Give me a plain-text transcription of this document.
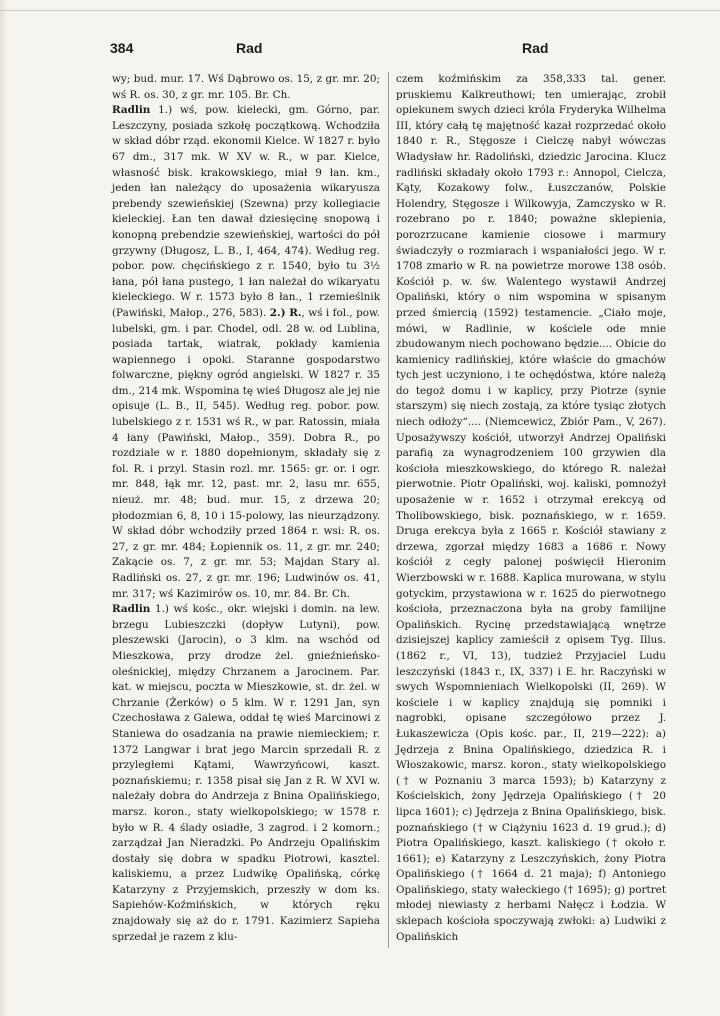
384	Rad	Rad

wy; bud. mur. 17. Wś Dąbrowo os. 15, z gr. mr. 20; wś R. os. 30, z gr. mr. 105. Br. Ch.

Radlin 1.) wś, pow. kielecki, gm. Górno, par. Leszczyny, posiada szkołę początkową. Wchodziła w skład dóbr rząd. ekonomii Kielce. W 1827 r. było 67 dm., 317 mk. W XV w. R., w par. Kielce, własność bisk. krakowskiego, miał 9 łan. km., jeden łan należący do uposażenia wikaryusza prebendy szewieńskiej (Szewna) przy kollegiacie kieleckiej. Łan ten dawał dziesięcinę snopową i konopną prebendzie szewieńskiej, wartości do pół grzywny (Długosz, L. B., I, 464, 474). Według reg. pobor. pow. chęcińskiego z r. 1540, było tu 3½ łana, pół łana pustego, 1 łan należał do wikaryatu kieleckiego. W r. 1573 było 8 łan., 1 rzemieślnik (Pawiński, Małop., 276, 583). 2.) R., wś i fol., pow. lubelski, gm. i par. Chodel, odl. 28 w. od Lublina, posiada tartak, wiatrak, pokłady kamienia wapiennego i opoki. Staranne gospodarstwo folwarczne, piękny ogród angielski. W 1827 r. 35 dm., 214 mk. Wspomina tę wieś Długosz ale jej nie opisuje (L. B., II, 545). Według reg. pobor. pow. lubelskiego z r. 1531 wś R., w par. Ratossin, miała 4 łany (Pawiński, Małop., 359). Dobra R., po rozdziale w r. 1880 dopełnionym, składały się z fol. R. i przyl. Stasin rozl. mr. 1565: gr. or. i ogr. mr. 848, łąk mr. 12, past. mr. 2, lasu mr. 655, nieuż. mr. 48; bud. mur. 15, z drzewa 20; płodozmian 6, 8, 10 i 15-polowy, las nieurządzony. W skład dóbr wchodziły przed 1864 r. wsi: R. os. 27, z gr. mr. 484; Łopiennik os. 11, z gr. mr. 240; Zakącie os. 7, z gr. mr. 53; Majdan Stary al. Radliński os. 27, z gr. mr. 196; Ludwinów os. 41, mr. 317; wś Kazimirów os. 10, mr. 84. Br. Ch.

Radlin 1.) wś kośc., okr. wiejski i domin. na lew. brzegu Lubieszczki (dopływ Lutyni), pow. pleszewski (Jarocin), o 3 klm. na wschód od Mieszkowa, przy drodze żel. gnieźnieńsko-oleśnickiej, między Chrzanem a Jarocinem. Par. kat. w miejscu, poczta w Mieszkowie, st. dr. żel. w Chrzanie (Żerków) o 5 klm. W r. 1291 Jan, syn Czechosława z Galewa, oddał tę wieś Marcinowi z Staniewa do osadzania na prawie niemieckiem; r. 1372 Langwar i brat jego Marcin sprzedali R. z przyległemi Kątami, Wawrzyńcowi, kaszt. poznańskiemu; r. 1358 pisał się Jan z R. W XVI w. należały dobra do Andrzeja z Bnina Opalińskiego, marsz. koron., staty wielkopolskiego; w 1578 r. było w R. 4 ślady osiadłe, 3 zagrod. i 2 komorn.; zarządzał Jan Nieradzki. Po Andrzeju Opalińskim dostały się dobra w spadku Piotrowi, kasztel. kaliskiemu, a przez Ludwikę Opalińską, córkę Katarzyny z Przyjemskich, przeszły w dom ks. Sapiehów-Koźmińskich, w których ręku znajdowały się aż do r. 1791. Kazimierz Sapieha sprzedał je razem z klu-

czem koźmińskim za 358,333 tal. gener. pruskiemu Kalkreuthowi; ten umierając, zrobił opiekunem swych dzieci króla Fryderyka Wilhelma III, który całą tę majętność kazał rozprzedać około 1840 r. R., Stęgosze i Cielczę nabył wówczas Władysław hr. Radoliński, dziedzic Jarocina. Klucz radliński składały około 1793 r.: Annopol, Cielcza, Kąty, Kozakowy folw., Łuszczanów, Polskie Holendry, Stęgosze i Wilkowyja, Zamczysko w R. rozebrano po r. 1840; poważne sklepienia, porozrzucane kamienie ciosowe i marmury świadczyły o rozmiarach i wspaniałości jego. W r. 1708 zmarło w R. na powietrze morowe 138 osób. Kościół p. w. św. Walentego wystawił Andrzej Opaliński, który o nim wspomina w spisanym przed śmiercią (1592) testamencie. „Ciało moje, mówi, w Radlinie, w kościele ode mnie zbudowanym niech pochowano będzie.... Obicie do kamienicy radlińskiej, które właście do gmachów tych jest uczyniono, i te ochędóstwa, które należą do tegoż domu i w kaplicy, przy Piotrze (synie starszym) się niech zostają, za które tysiąc złotych niech odłoży“.... (Niemcewicz, Zbiór Pam., V, 267). Uposażywszy kościół, utworzył Andrzej Opaliński parafią za wynagrodzeniem 100 grzywien dla kościoła mieszkowskiego, do którego R. należał pierwotnie. Piotr Opaliński, woj. kaliski, pomnożył uposażenie w r. 1652 i otrzymał erekcyą od Tholibowskiego, bisk. poznańskiego, w r. 1659. Druga erekcya była z 1665 r. Kościół stawiany z drzewa, zgorzał między 1683 a 1686 r. Nowy kościół z cegły palonej poświęcił Hieronim Wierzbowski w r. 1688. Kaplica murowana, w stylu gotyckim, przystawiona w r. 1625 do pierwotnego kościoła, przeznaczona była na groby familijne Opalińskich. Rycinę przedstawiającą wnętrze dzisiejszej kaplicy zamieścił z opisem Tyg. Illus. (1862 r., VI, 13), tudzież Przyjaciel Ludu leszczyński (1843 r., IX, 337) i E. hr. Raczyński w swych Wspomnieniach Wielkopolski (II, 269). W kościele i w kaplicy znajdują się pomniki i nagrobki, opisane szczegółowo przez J. Łukaszewicza (Opis kośc. par., II, 219—222): a) Jędrzeja z Bnina Opalińskiego, dziedzica R. i Włoszakowic, marsz. koron., staty wielkopolskiego († w Poznaniu 3 marca 1593); b) Katarzyny z Kościelskich, żony Jędrzeja Opalińskiego († 20 lipca 1601); c) Jędrzeja z Bnina Opalińskiego, bisk. poznańskiego († w Ciążyniu 1623 d. 19 grud.); d) Piotra Opalińskiego, kaszt. kaliskiego († około r. 1661); e) Katarzyny z Leszczyńskich, żony Piotra Opalińskiego († 1664 d. 21 maja); f) Antoniego Opalińskiego, staty wałeckiego († 1695); g) portret młodej niewiasty z herbami Nałęcz i Łodzia. W sklepach kościoła spoczywają zwłoki: a) Ludwiki z Opalińskich
